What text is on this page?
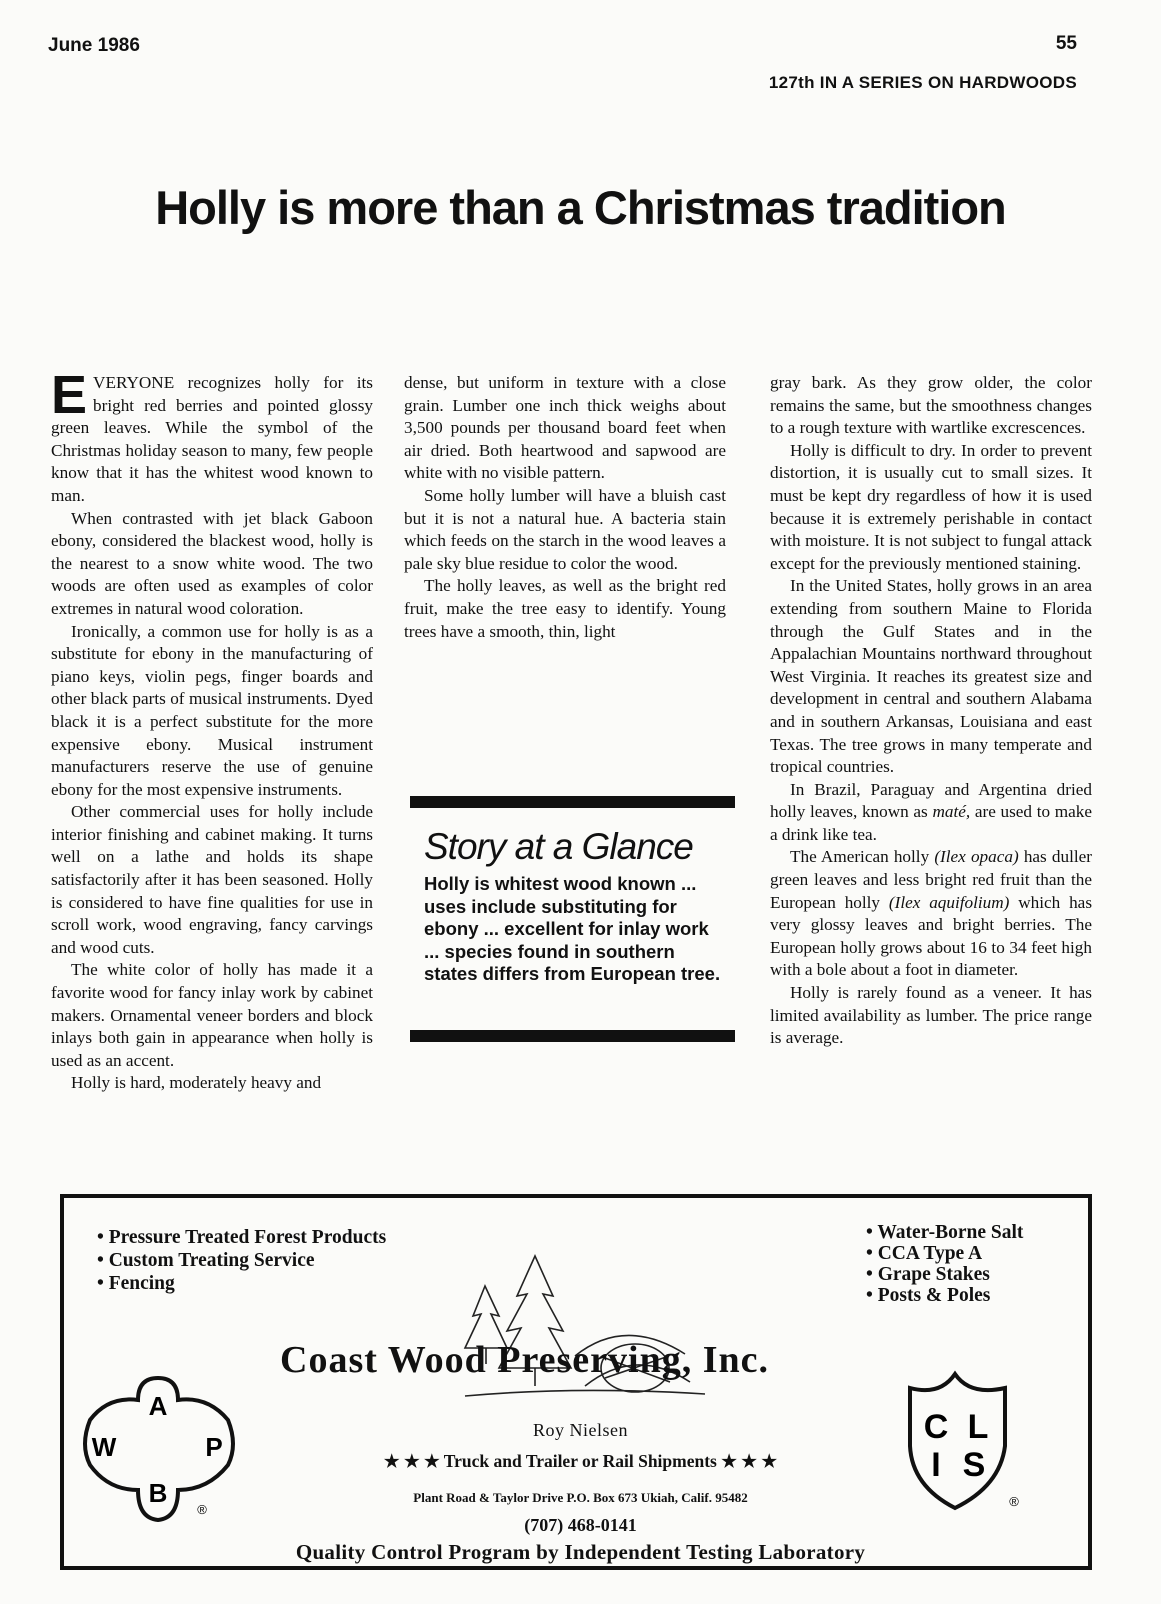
June 1986	55
127th IN A SERIES ON HARDWOODS
Holly is more than a Christmas tradition

EVERYONE recognizes holly for its bright red berries and pointed glossy green leaves. While the symbol of the Christmas holiday season to many, few people know that it has the whitest wood known to man.

When contrasted with jet black Gaboon ebony, considered the blackest wood, holly is the nearest to a snow white wood. The two woods are often used as examples of color extremes in natural wood coloration.

Ironically, a common use for holly is as a substitute for ebony in the manufacturing of piano keys, violin pegs, finger boards and other black parts of musical instruments. Dyed black it is a perfect substitute for the more expensive ebony. Musical instrument manufacturers reserve the use of genuine ebony for the most expensive instruments.

Other commercial uses for holly include interior finishing and cabinet making. It turns well on a lathe and holds its shape satisfactorily after it has been seasoned. Holly is considered to have fine qualities for use in scroll work, wood engraving, fancy carvings and wood cuts.

The white color of holly has made it a favorite wood for fancy inlay work by cabinet makers. Ornamental veneer borders and block inlays both gain in appearance when holly is used as an accent.

Holly is hard, moderately heavy and

dense, but uniform in texture with a close grain. Lumber one inch thick weighs about 3,500 pounds per thousand board feet when air dried. Both heartwood and sapwood are white with no visible pattern.

Some holly lumber will have a bluish cast but it is not a natural hue. A bacteria stain which feeds on the starch in the wood leaves a pale sky blue residue to color the wood.

The holly leaves, as well as the bright red fruit, make the tree easy to identify. Young trees have a smooth, thin, light

Story at a Glance
Holly is whitest wood known ... uses include substituting for ebony ... excellent for inlay work ... species found in southern states differs from European tree.

gray bark. As they grow older, the color remains the same, but the smoothness changes to a rough texture with wartlike excrescences.

Holly is difficult to dry. In order to prevent distortion, it is usually cut to small sizes. It must be kept dry regardless of how it is used because it is extremely perishable in contact with moisture. It is not subject to fungal attack except for the previously mentioned staining.

In the United States, holly grows in an area extending from southern Maine to Florida through the Gulf States and in the Appalachian Mountains northward throughout West Virginia. It reaches its greatest size and development in central and southern Alabama and in southern Arkansas, Louisiana and east Texas. The tree grows in many temperate and tropical countries.

In Brazil, Paraguay and Argentina dried holly leaves, known as maté, are used to make a drink like tea.

The American holly (Ilex opaca) has duller green leaves and less bright red fruit than the European holly (Ilex aquifolium) which has very glossy leaves and bright berries. The European holly grows about 16 to 34 feet high with a bole about a foot in diameter.

Holly is rarely found as a veneer. It has limited availability as lumber. The price range is average.

• Pressure Treated Forest Products
• Custom Treating Service
• Fencing
• Water-Borne Salt
• CCA Type A
• Grape Stakes
• Posts & Poles
Coast Wood Preserving, Inc.
Roy Nielsen
★ ★ ★ Truck and Trailer or Rail Shipments ★ ★ ★
Plant Road & Taylor Drive P.O. Box 673 Ukiah, Calif. 95482
(707) 468-0141
Quality Control Program by Independent Testing Laboratory
A
W	P
B
®
C L
I S
®
